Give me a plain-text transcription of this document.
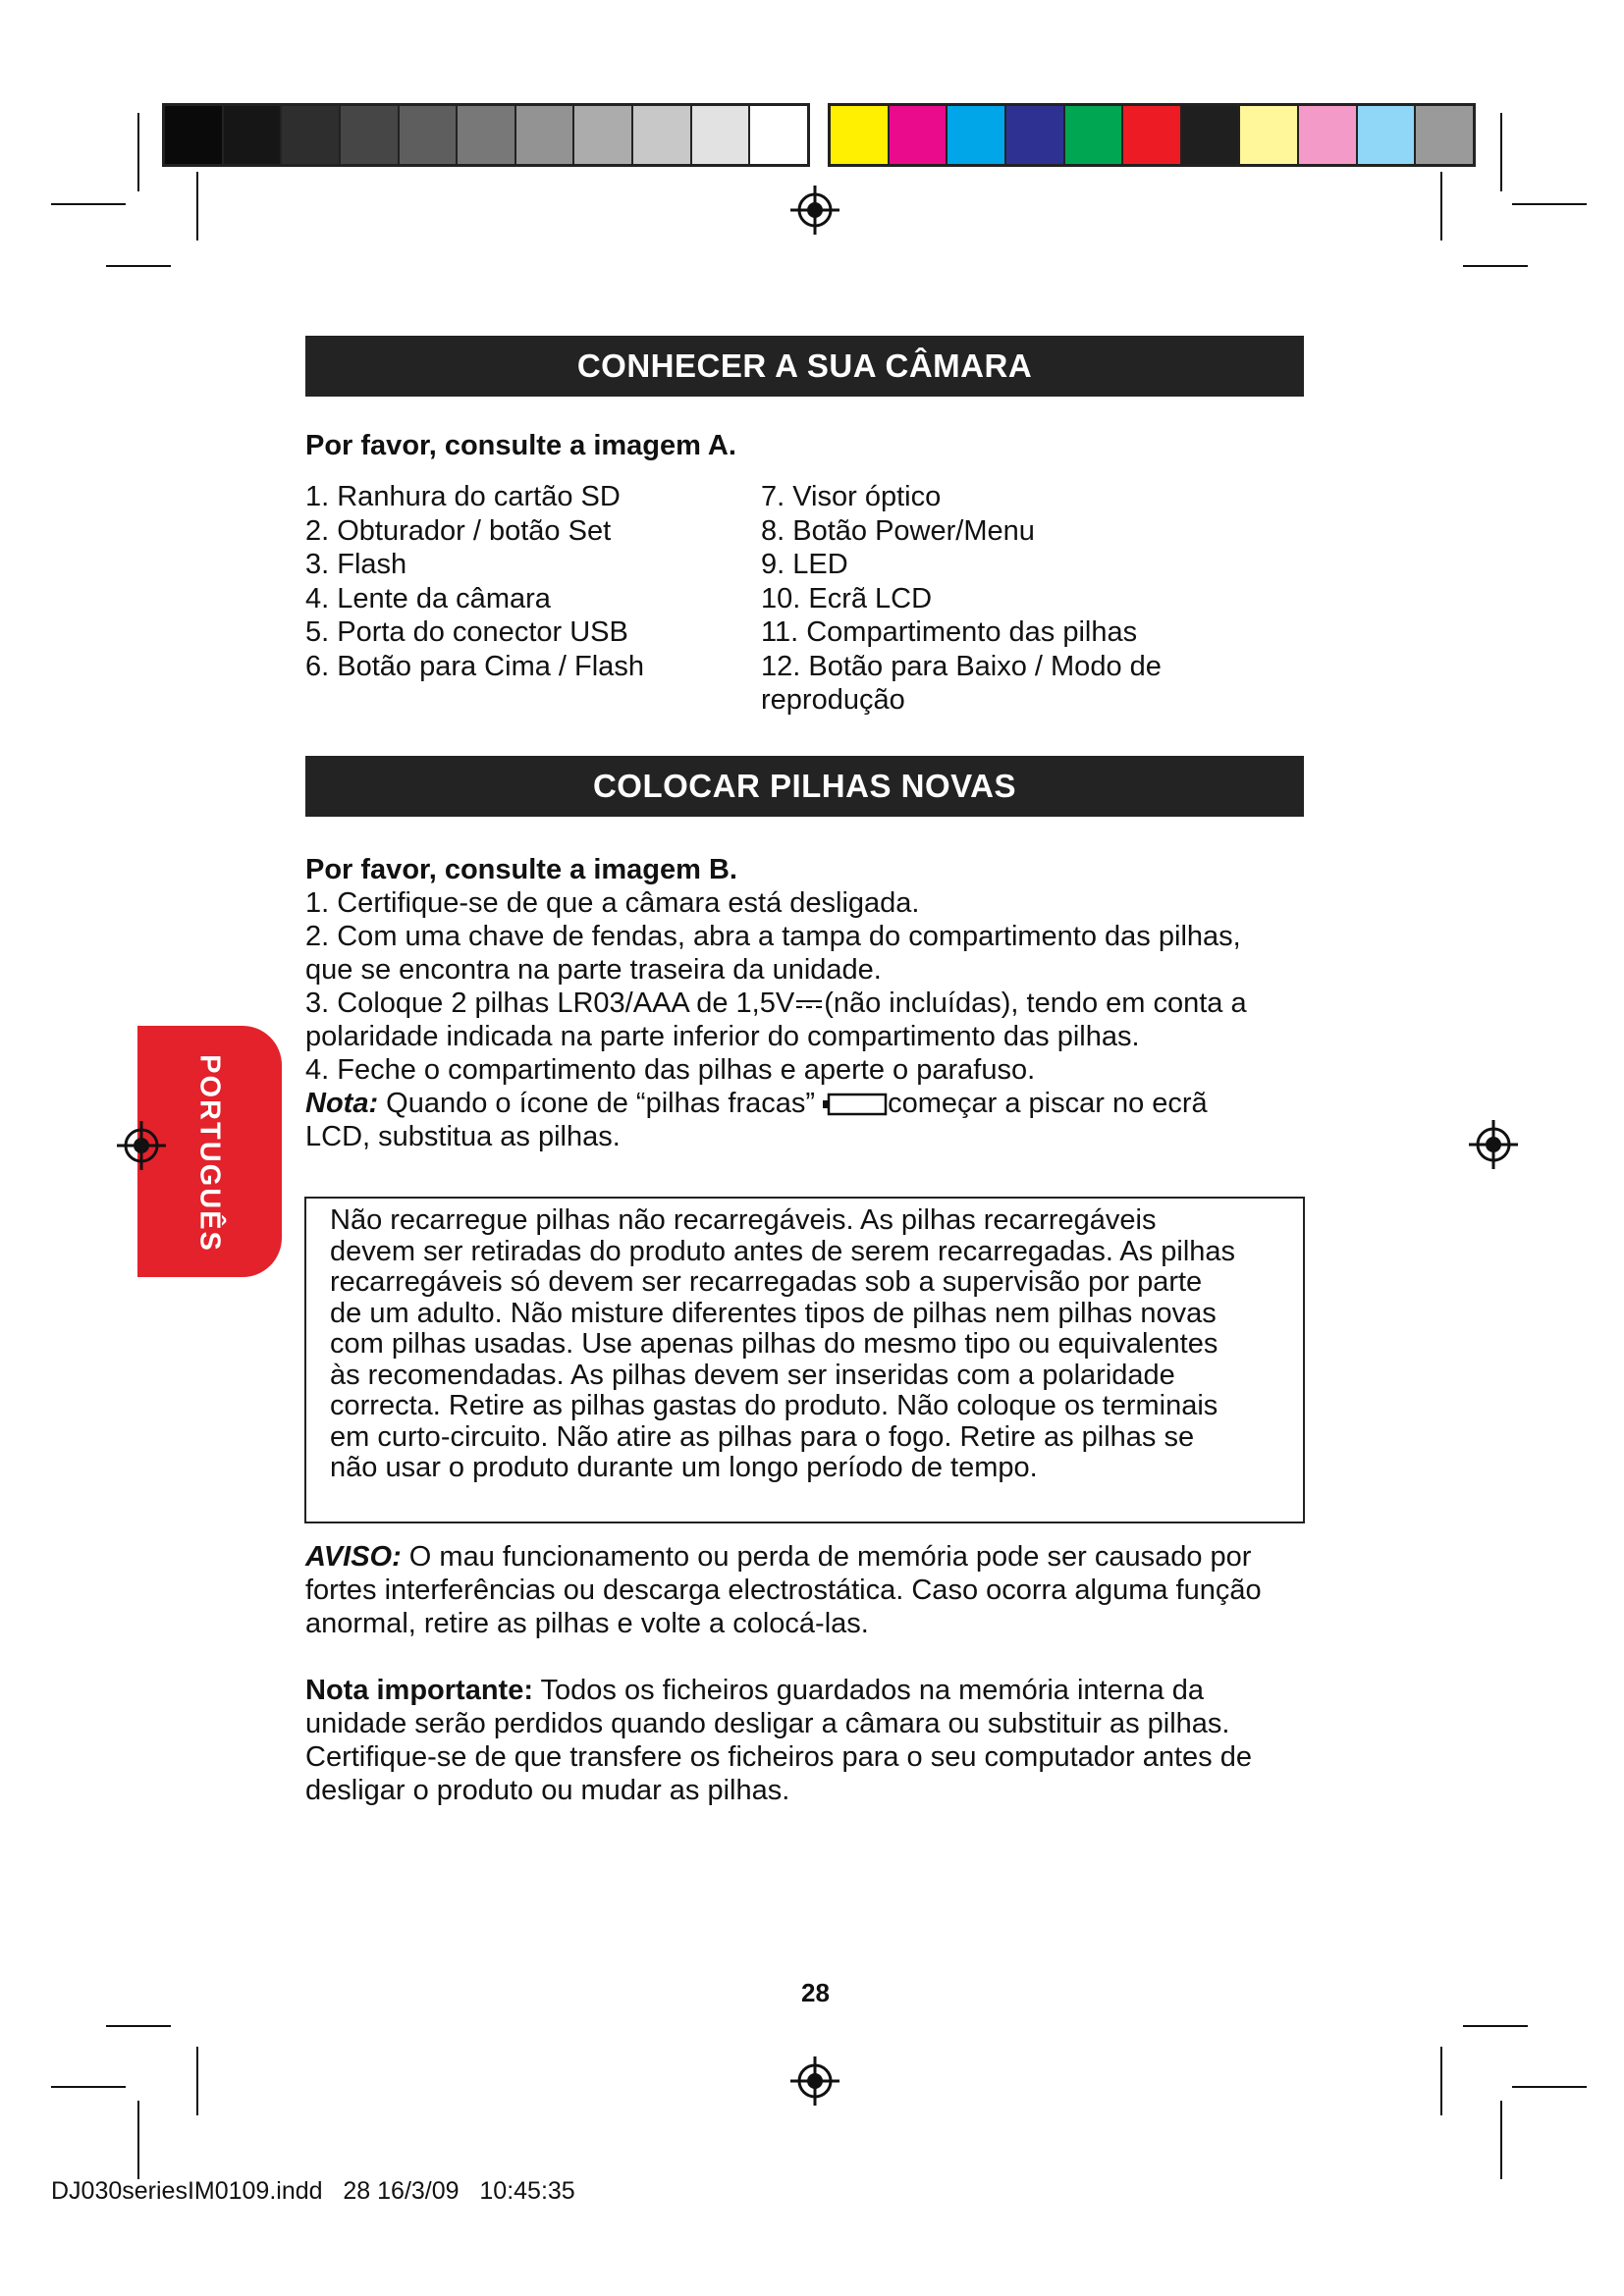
PORTUGUÊS
CONHECER A SUA CÂMARA
Por favor, consulte a imagem A.
1. Ranhura do cartão SD
2. Obturador / botão Set
3. Flash
4. Lente da câmara
5. Porta do conector USB
6. Botão para Cima / Flash
7. Visor óptico
8. Botão Power/Menu
9. LED
10. Ecrã LCD
11. Compartimento das pilhas
12. Botão para Baixo / Modo de
reprodução
COLOCAR PILHAS NOVAS
Por favor, consulte a imagem B.
1. Certifique-se de que a câmara está desligada.
2. Com uma chave de fendas, abra a tampa do compartimento das pilhas,
que se encontra na parte traseira da unidade.
3. Coloque 2 pilhas LR03/AAA de 1,5V (não incluídas), tendo em conta a
polaridade indicada na parte inferior do compartimento das pilhas.
4. Feche o compartimento das pilhas e aperte o parafuso.
Nota: Quando o ícone de “pilhas fracas” começar a piscar no ecrã
LCD, substitua as pilhas.
Não recarregue pilhas não recarregáveis. As pilhas recarregáveis
devem ser retiradas do produto antes de serem recarregadas. As pilhas
recarregáveis só devem ser recarregadas sob a supervisão por parte
de um adulto. Não misture diferentes tipos de pilhas nem pilhas novas
com pilhas usadas. Use apenas pilhas do mesmo tipo ou equivalentes
às recomendadas. As pilhas devem ser inseridas com a polaridade
correcta. Retire as pilhas gastas do produto. Não coloque os terminais
em curto-circuito. Não atire as pilhas para o fogo. Retire as pilhas se
não usar o produto durante um longo período de tempo.
AVISO: O mau funcionamento ou perda de memória pode ser causado por
fortes interferências ou descarga electrostática. Caso ocorra alguma função
anormal, retire as pilhas e volte a colocá-las.
Nota importante: Todos os ficheiros guardados na memória interna da
unidade serão perdidos quando desligar a câmara ou substituir as pilhas.
Certifique-se de que transfere os ficheiros para o seu computador antes de
desligar o produto ou mudar as pilhas.
28
DJ030seriesIM0109.indd   28 16/3/09   10:45:35
